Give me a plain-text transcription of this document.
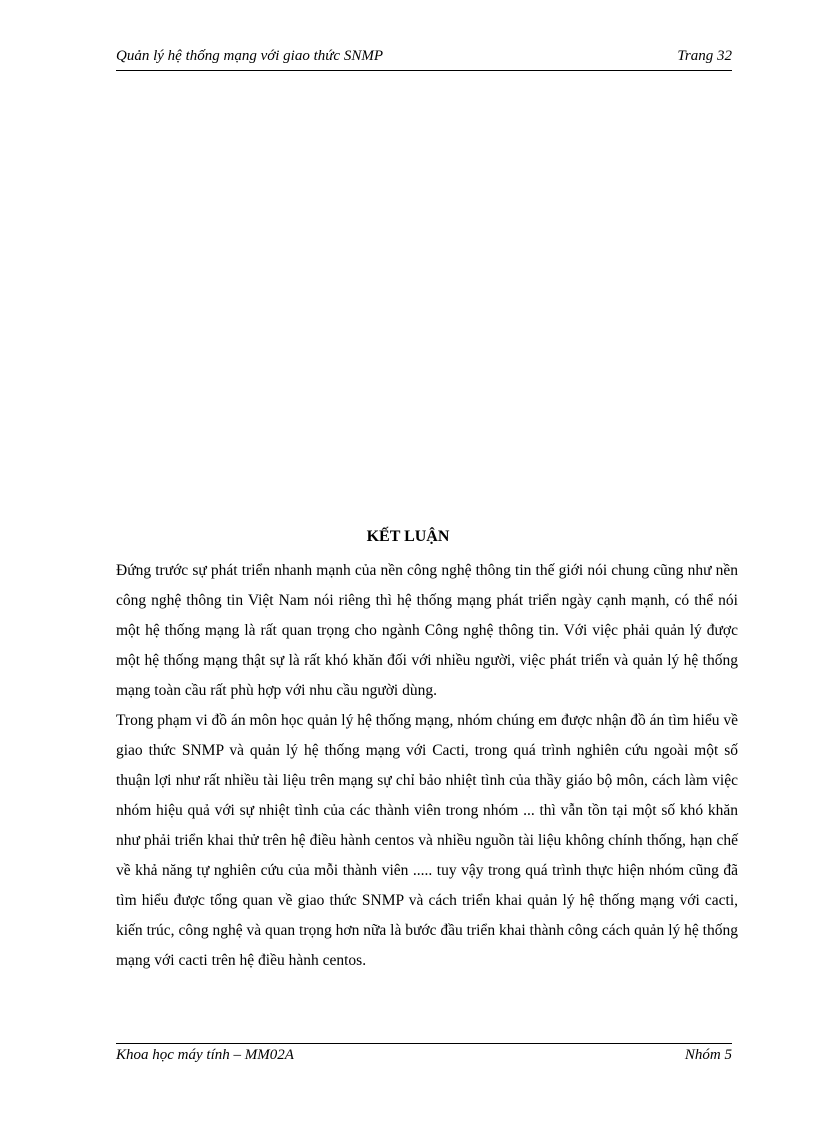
Quản lý hệ thống mạng với giao thức SNMP	Trang 32
KẾT LUẬN

Đứng trước sự phát triển nhanh mạnh của nền công nghệ thông tin thế giới nói chung cũng như nền công nghệ thông tin Việt Nam nói riêng thì hệ thống mạng phát triển ngày cạnh mạnh, có thể nói một hệ thống mạng là rất quan trọng cho ngành Công nghệ thông tin. Với việc phải quản lý được một hệ thống mạng thật sự là rất khó khăn đối với nhiều người, việc phát triển và quản lý hệ thống mạng toàn cầu rất phù hợp với nhu cầu người dùng.

Trong phạm vi đồ án môn học quản lý hệ thống mạng, nhóm chúng em được nhận đồ án tìm hiểu về giao thức SNMP và quản lý hệ thống mạng với Cacti, trong quá trình nghiên cứu ngoài một số thuận lợi như rất nhiều tài liệu trên mạng sự chỉ bảo nhiệt tình của thầy giáo bộ môn, cách làm việc nhóm hiệu quả với sự nhiệt tình của các thành viên trong nhóm ... thì vẫn tồn tại một số khó khăn như phải triển khai thử trên hệ điều hành centos và nhiều nguồn tài liệu không chính thống, hạn chế về khả năng tự nghiên cứu của mỗi thành viên ..... tuy vậy trong quá trình thực hiện nhóm cũng đã tìm hiểu được tổng quan về giao thức SNMP và cách triển khai quản lý hệ thống mạng với cacti, kiến trúc, công nghệ và quan trọng hơn nữa là bước đầu triển khai thành công cách quản lý hệ thống mạng với cacti trên hệ điều hành centos.

Khoa học máy tính – MM02A	Nhóm 5
